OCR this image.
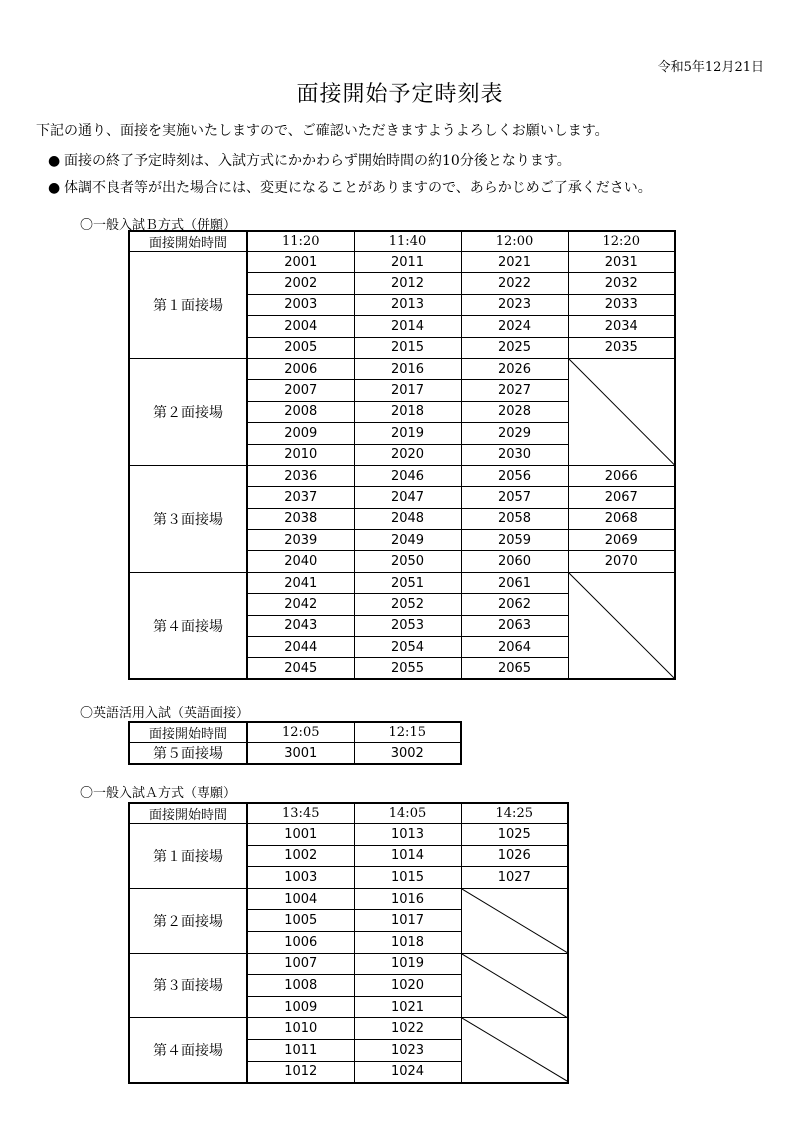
令和5年12月21日
面接開始予定時刻表
下記の通り、面接を実施いたしますので、ご確認いただきますようよろしくお願いします。
● 面接の終了予定時刻は、入試方式にかかわらず開始時間の約10分後となります。
● 体調不良者等が出た場合には、変更になることがありますので、あらかじめご了承ください。
〇一般入試Ｂ方式（併願）
〇英語活用入試（英語面接）
〇一般入試Ａ方式（専願）
面接開始時間	11:20	11:40	12:00	12:20
第１面接場	2001	2011	2021	2031
	2002	2012	2022	2032
	2003	2013	2023	2033
	2004	2014	2024	2034
	2005	2015	2025	2035
第２面接場	2006	2016	2026	

	2007	2017	2027	
	2008	2018	2028	
	2009	2019	2029	
	2010	2020	2030	
第３面接場	2036	2046	2056	2066
	2037	2047	2057	2067
	2038	2048	2058	2068
	2039	2049	2059	2069
	2040	2050	2060	2070
第４面接場	2041	2051	2061	

	2042	2052	2062	
	2043	2053	2063	
	2044	2054	2064	
	2045	2055	2065	
面接開始時間	12:05	12:15
第５面接場	3001	3002
面接開始時間	13:45	14:05	14:25
第１面接場	1001	1013	1025
	1002	1014	1026
	1003	1015	1027
第２面接場	1004	1016	

	1005	1017	
	1006	1018	
第３面接場	1007	1019	

	1008	1020	
	1009	1021	
第４面接場	1010	1022	

	1011	1023	
	1012	1024	
